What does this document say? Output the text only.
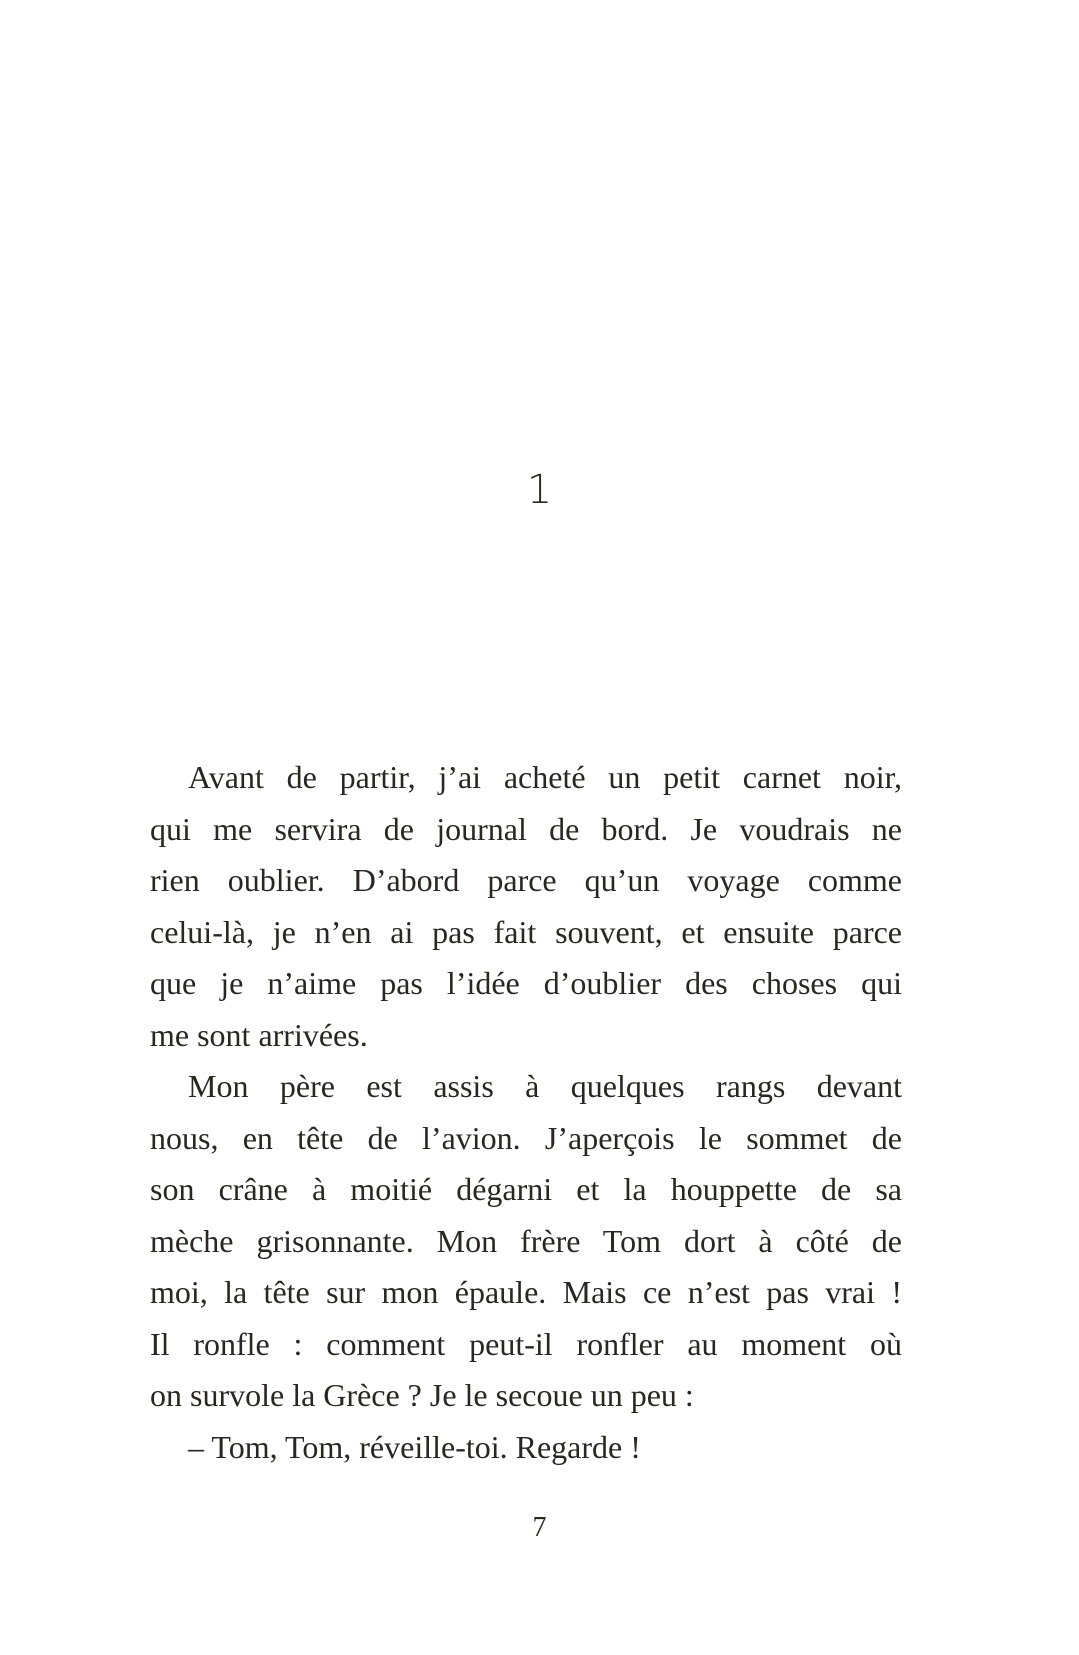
1
Avant de partir, j’ai acheté un petit carnet noir,
qui me servira de journal de bord. Je voudrais ne
rien oublier. D’abord parce qu’un voyage comme
celui-là, je n’en ai pas fait souvent, et ensuite parce
que je n’aime pas l’idée d’oublier des choses qui
me sont arrivées.
Mon père est assis à quelques rangs devant
nous, en tête de l’avion. J’aperçois le sommet de
son crâne à moitié dégarni et la houppette de sa
mèche grisonnante. Mon frère Tom dort à côté de
moi, la tête sur mon épaule. Mais ce n’est pas vrai !
Il ronfle : comment peut-il ronfler au moment où
on survole la Grèce ? Je le secoue un peu :
– Tom, Tom, réveille-toi. Regarde !
7
